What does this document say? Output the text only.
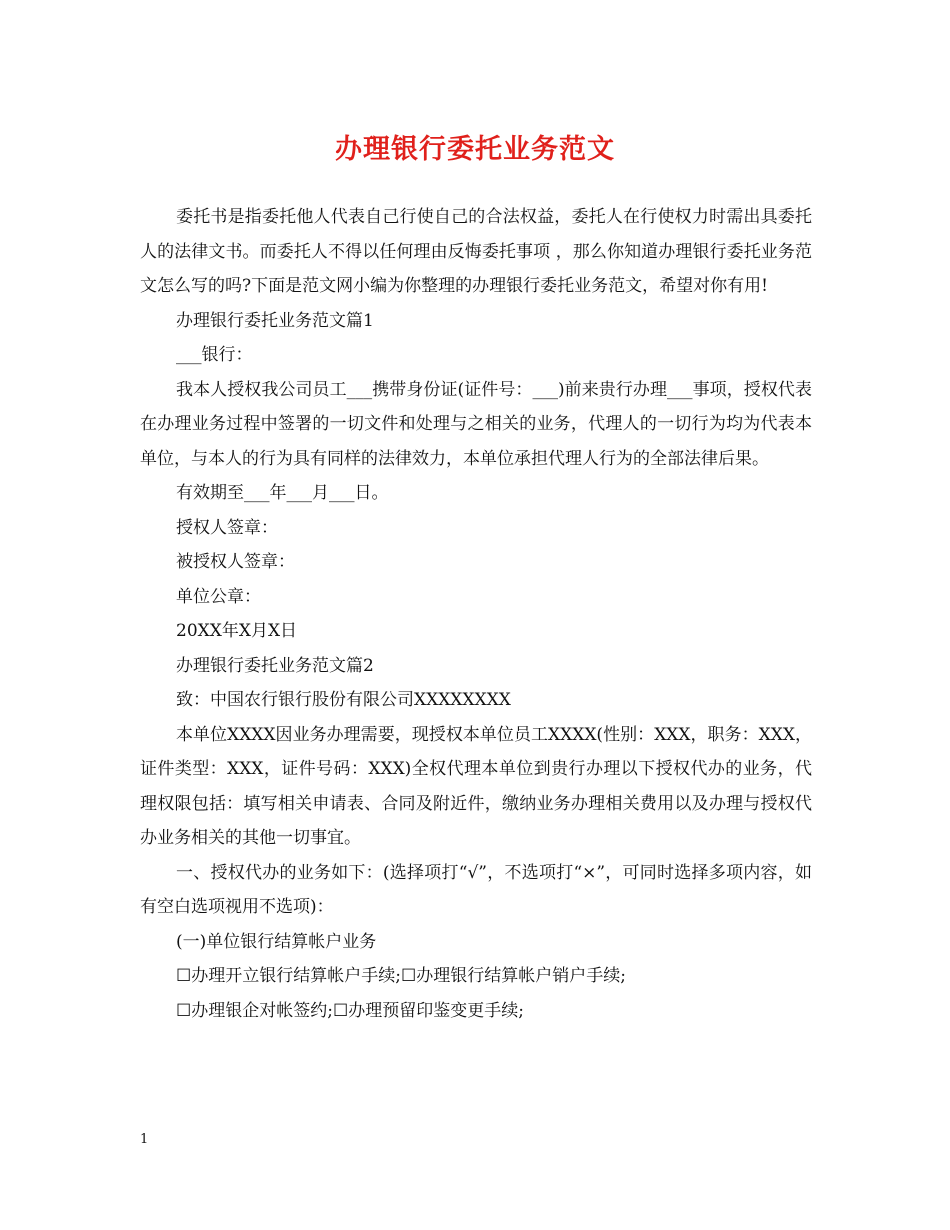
办理银行委托业务范文

委托书是指委托他人代表自己行使自己的合法权益，委托人在行使权力时需出具委托人的法律文书。而委托人不得以任何理由反悔委托事项 ，那么你知道办理银行委托业务范文怎么写的吗?下面是范文网小编为你整理的办理银行委托业务范文，希望对你有用!

办理银行委托业务范文篇1

___银行：

我本人授权我公司员工___携带身份证(证件号：___)前来贵行办理___事项，授权代表在办理业务过程中签署的一切文件和处理与之相关的业务，代理人的一切行为均为代表本单位，与本人的行为具有同样的法律效力，本单位承担代理人行为的全部法律后果。

有效期至___年___月___日。

授权人签章：

被授权人签章：

单位公章：

20XX年X月X日

办理银行委托业务范文篇2

致：中国农行银行股份有限公司XXXXXXXX

本单位XXXX因业务办理需要，现授权本单位员工XXXX(性别：XXX，职务：XXX，证件类型：XXX，证件号码：XXX)全权代理本单位到贵行办理以下授权代办的业务，代理权限包括：填写相关申请表、合同及附近件，缴纳业务办理相关费用以及办理与授权代办业务相关的其他一切事宜。

一、授权代办的业务如下：(选择项打“√”，不选项打“×”，可同时选择多项内容，如有空白选项视用不选项)：

(一)单位银行结算帐户业务

☐办理开立银行结算帐户手续;☐办理银行结算帐户销户手续;

☐办理银企对帐签约;☐办理预留印鉴变更手续;

1
